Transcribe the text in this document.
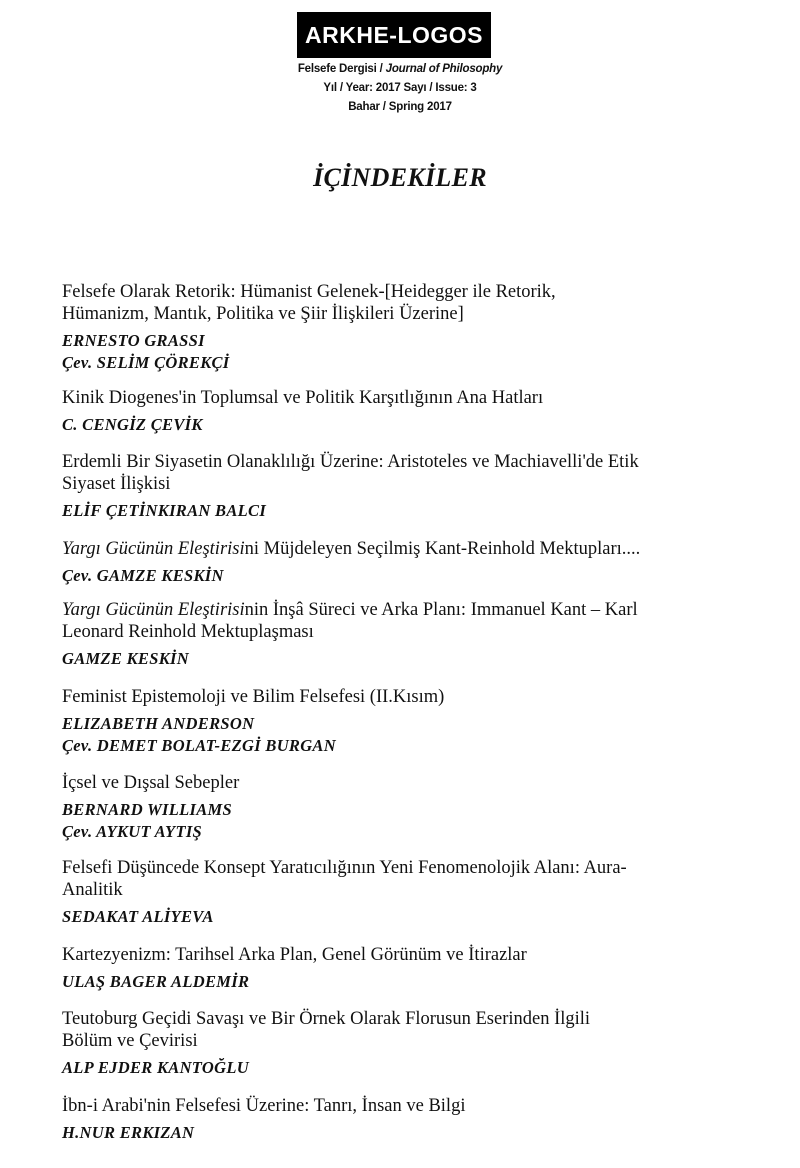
ARKHE-LOGOS
Felsefe Dergisi / Journal of Philosophy
Yıl / Year: 2017 Sayı / Issue: 3
Bahar / Spring 2017
İÇİNDEKİLER
Felsefe Olarak Retorik: Hümanist Gelenek-[Heidegger ile Retorik,
Hümanizm, Mantık, Politika ve Şiir İlişkileri Üzerine]
ERNESTO GRASSI
Çev. SELİM ÇÖREKÇİ
Kinik Diogenes'in Toplumsal ve Politik Karşıtlığının Ana Hatları
C. CENGİZ ÇEVİK
Erdemli Bir Siyasetin Olanaklılığı Üzerine: Aristoteles ve Machiavelli'de Etik
Siyaset İlişkisi
ELİF ÇETİNKIRAN BALCI
Yargı Gücünün Eleştirisini Müjdeleyen Seçilmiş Kant-Reinhold Mektupları....
Çev. GAMZE KESKİN
Yargı Gücünün Eleştirisinin İnşâ Süreci ve Arka Planı: Immanuel Kant – Karl
Leonard Reinhold Mektuplaşması
GAMZE KESKİN
Feminist Epistemoloji ve Bilim Felsefesi (II.Kısım)
ELIZABETH ANDERSON
Çev. DEMET BOLAT-EZGİ BURGAN
İçsel ve Dışsal Sebepler
BERNARD WILLIAMS
Çev. AYKUT AYTIŞ
Felsefi Düşüncede Konsept Yaratıcılığının Yeni Fenomenolojik Alanı: Aura-
Analitik
SEDAKAT ALİYEVA
Kartezyenizm: Tarihsel Arka Plan, Genel Görünüm ve İtirazlar
ULAŞ BAGER ALDEMİR
Teutoburg Geçidi Savaşı ve Bir Örnek Olarak Florusun Eserinden İlgili
Bölüm ve Çevirisi
ALP EJDER KANTOĞLU
İbn-i Arabi'nin Felsefesi Üzerine: Tanrı, İnsan ve Bilgi
H.NUR ERKIZAN
